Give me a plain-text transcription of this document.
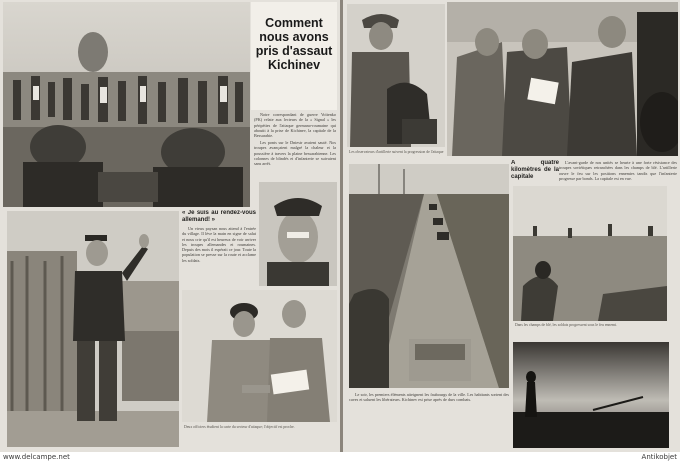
Comment nous avons pris d'assaut Kichinev
Notre correspondant de guerre Voïtenko (PK) relate aux lecteurs de la « Signal » les péripéties de l'attaque germano-roumaine qui aboutit à la prise de Kichinev, la capitale de la Bessarabie.
Les ponts sur le Dniestr avaient sauté. Nos troupes avançaient malgré la chaleur et la poussière à travers la plaine bessarabienne. Les colonnes de blindés et d'infanterie se suivaient sans arrêt.
« Je suis au rendez-vous allemand! »
Un vieux paysan nous attend à l'entrée du village. Il lève la main en signe de salut et nous crie qu'il est heureux de voir arriver les troupes allemandes et roumaines. Depuis des mois il espérait ce jour. Toute la population se presse sur la route et acclame les soldats.
Deux officiers étudient la carte du secteur d'attaque; l'objectif est proche.
Les observateurs d'artillerie suivent la progression de l'attaque
A quatre kilomètres de la capitale
L'avant-garde de nos unités se heurte à une forte résistance des troupes soviétiques retranchées dans les champs de blé. L'artillerie ouvre le feu sur les positions ennemies tandis que l'infanterie progresse par bonds. La capitale est en vue.
Dans les champs de blé, les soldats progressent sous le feu ennemi.
Le soir, les premiers éléments atteignent les faubourgs de la ville. Les habitants sortent des caves et saluent les libérateurs. Kichinev est prise après de durs combats.
www.delcampe.net	Antikobjet
